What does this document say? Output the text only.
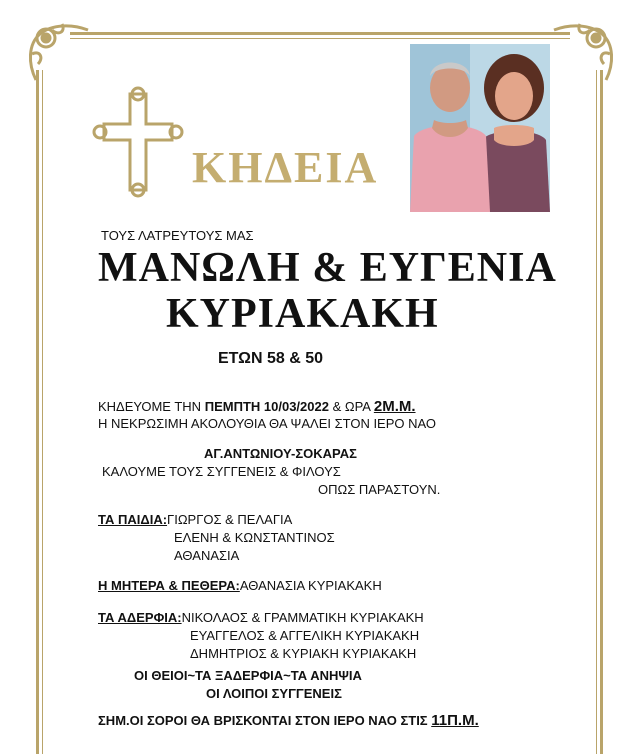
ΚΗΔΕΙΑ
ΤΟΥΣ ΛΑΤΡΕΥΤΟΥΣ ΜΑΣ
ΜΑΝΩΛΗ & ΕΥΓΕΝΙΑ
ΚΥΡΙΑΚΑΚΗ
ΕΤΩΝ 58 & 50
ΚΗΔΕΥΟΜΕ ΤΗΝ ΠΕΜΠΤΗ 10/03/2022 & ΩΡΑ 2Μ.Μ.
Η ΝΕΚΡΩΣΙΜΗ ΑΚΟΛΟΥΘΙΑ ΘΑ ΨΑΛΕΙ ΣΤΟΝ ΙΕΡΟ ΝΑΟ
ΑΓ.ΑΝΤΩΝΙΟΥ-ΣΟΚΑΡΑΣ
ΚΑΛΟΥΜΕ ΤΟΥΣ ΣΥΓΓΕΝΕΙΣ & ΦΙΛΟΥΣ
ΟΠΩΣ ΠΑΡΑΣΤΟΥΝ.
ΤΑ ΠΑΙΔΙΑ:ΓΙΩΡΓΟΣ & ΠΕΛΑΓΙΑ
ΕΛΕΝΗ & ΚΩΝΣΤΑΝΤΙΝΟΣ
ΑΘΑΝΑΣΙΑ
Η ΜΗΤΕΡΑ & ΠΕΘΕΡΑ:ΑΘΑΝΑΣΙΑ ΚΥΡΙΑΚΑΚΗ
ΤΑ ΑΔΕΡΦΙΑ:ΝΙΚΟΛΑΟΣ & ΓΡΑΜΜΑΤΙΚΗ ΚΥΡΙΑΚΑΚΗ
ΕΥΑΓΓΕΛΟΣ & ΑΓΓΕΛΙΚΗ ΚΥΡΙΑΚΑΚΗ
ΔΗΜΗΤΡΙΟΣ & ΚΥΡΙΑΚΗ ΚΥΡΙΑΚΑΚΗ
ΟΙ ΘΕΙΟΙ~ΤΑ ΞΑΔΕΡΦΙΑ~ΤΑ ΑΝΗΨΙΑ
ΟΙ ΛΟΙΠΟΙ ΣΥΓΓΕΝΕΙΣ
ΣΗΜ.ΟΙ ΣΟΡΟΙ ΘΑ ΒΡΙΣΚΟΝΤΑΙ ΣΤΟΝ ΙΕΡΟ ΝΑΟ ΣΤΙΣ 11Π.Μ.
